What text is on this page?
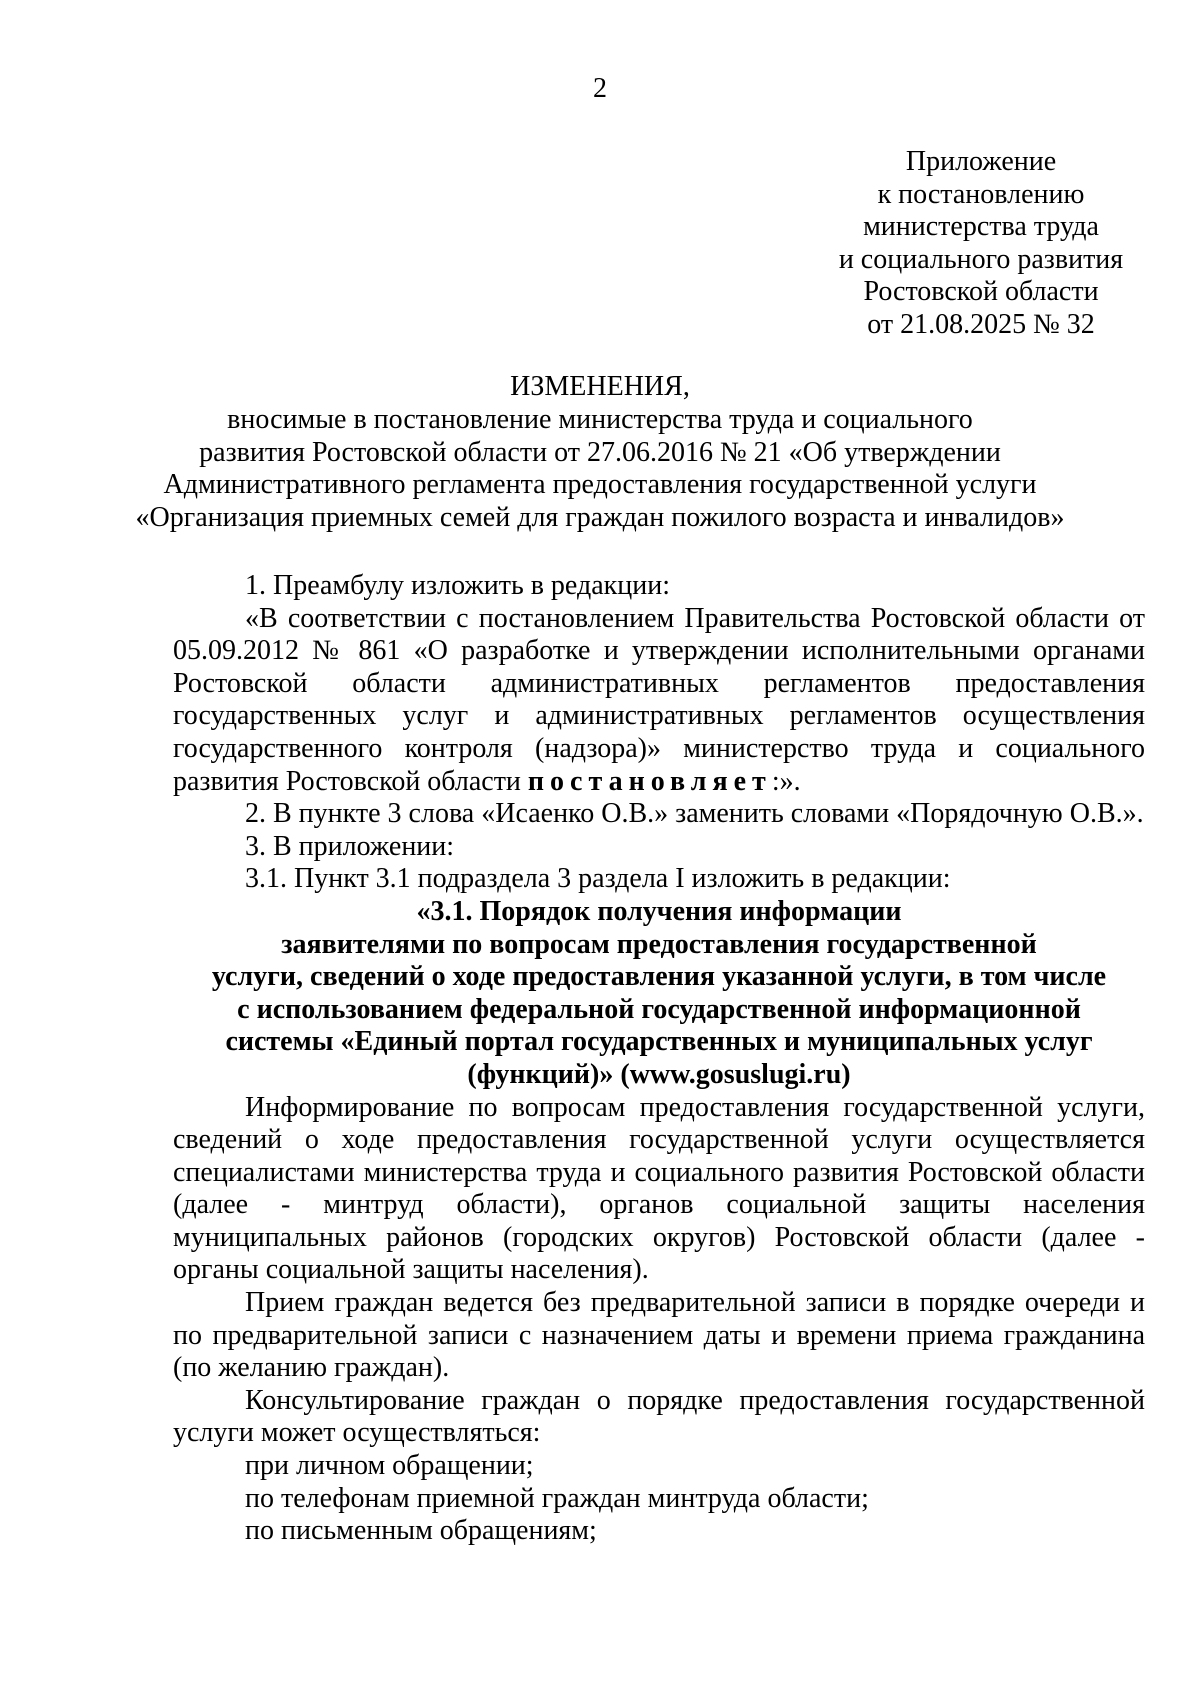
2
Приложение
к постановлению
министерства труда
и социального развития
Ростовской области
от 21.08.2025 № 32
ИЗМЕНЕНИЯ,
вносимые в постановление министерства труда и социального
развития Ростовской области от 27.06.2016 № 21 «Об утверждении
Административного регламента предоставления государственной услуги
«Организация приемных семей для граждан пожилого возраста и инвалидов»

1. Преамбулу изложить в редакции:

«В соответствии с постановлением Правительства Ростовской области от 05.09.2012 № 861 «О разработке и утверждении исполнительными органами Ростовской области административных регламентов предоставления государственных услуг и административных регламентов осуществления государственного контроля (надзора)» министерство труда и социального развития Ростовской области постановляет:».

2. В пункте 3 слова «Исаенко О.В.» заменить словами «Порядочную О.В.».

3. В приложении:

3.1. Пункт 3.1 подраздела 3 раздела I изложить в редакции:

«3.1. Порядок получения информации
заявителями по вопросам предоставления государственной
услуги, сведений о ходе предоставления указанной услуги, в том числе
с использованием федеральной государственной информационной
системы «Единый портал государственных и муниципальных услуг
(функций)» (www.gosuslugi.ru)

Информирование по вопросам предоставления государственной услуги, сведений о ходе предоставления государственной услуги осуществляется специалистами министерства труда и социального развития Ростовской области (далее - минтруд области), органов социальной защиты населения муниципальных районов (городских округов) Ростовской области (далее - органы социальной защиты населения).

Прием граждан ведется без предварительной записи в порядке очереди и по предварительной записи с назначением даты и времени приема гражданина (по желанию граждан).

Консультирование граждан о порядке предоставления государственной услуги может осуществляться:

при личном обращении;

по телефонам приемной граждан минтруда области;

по письменным обращениям;
